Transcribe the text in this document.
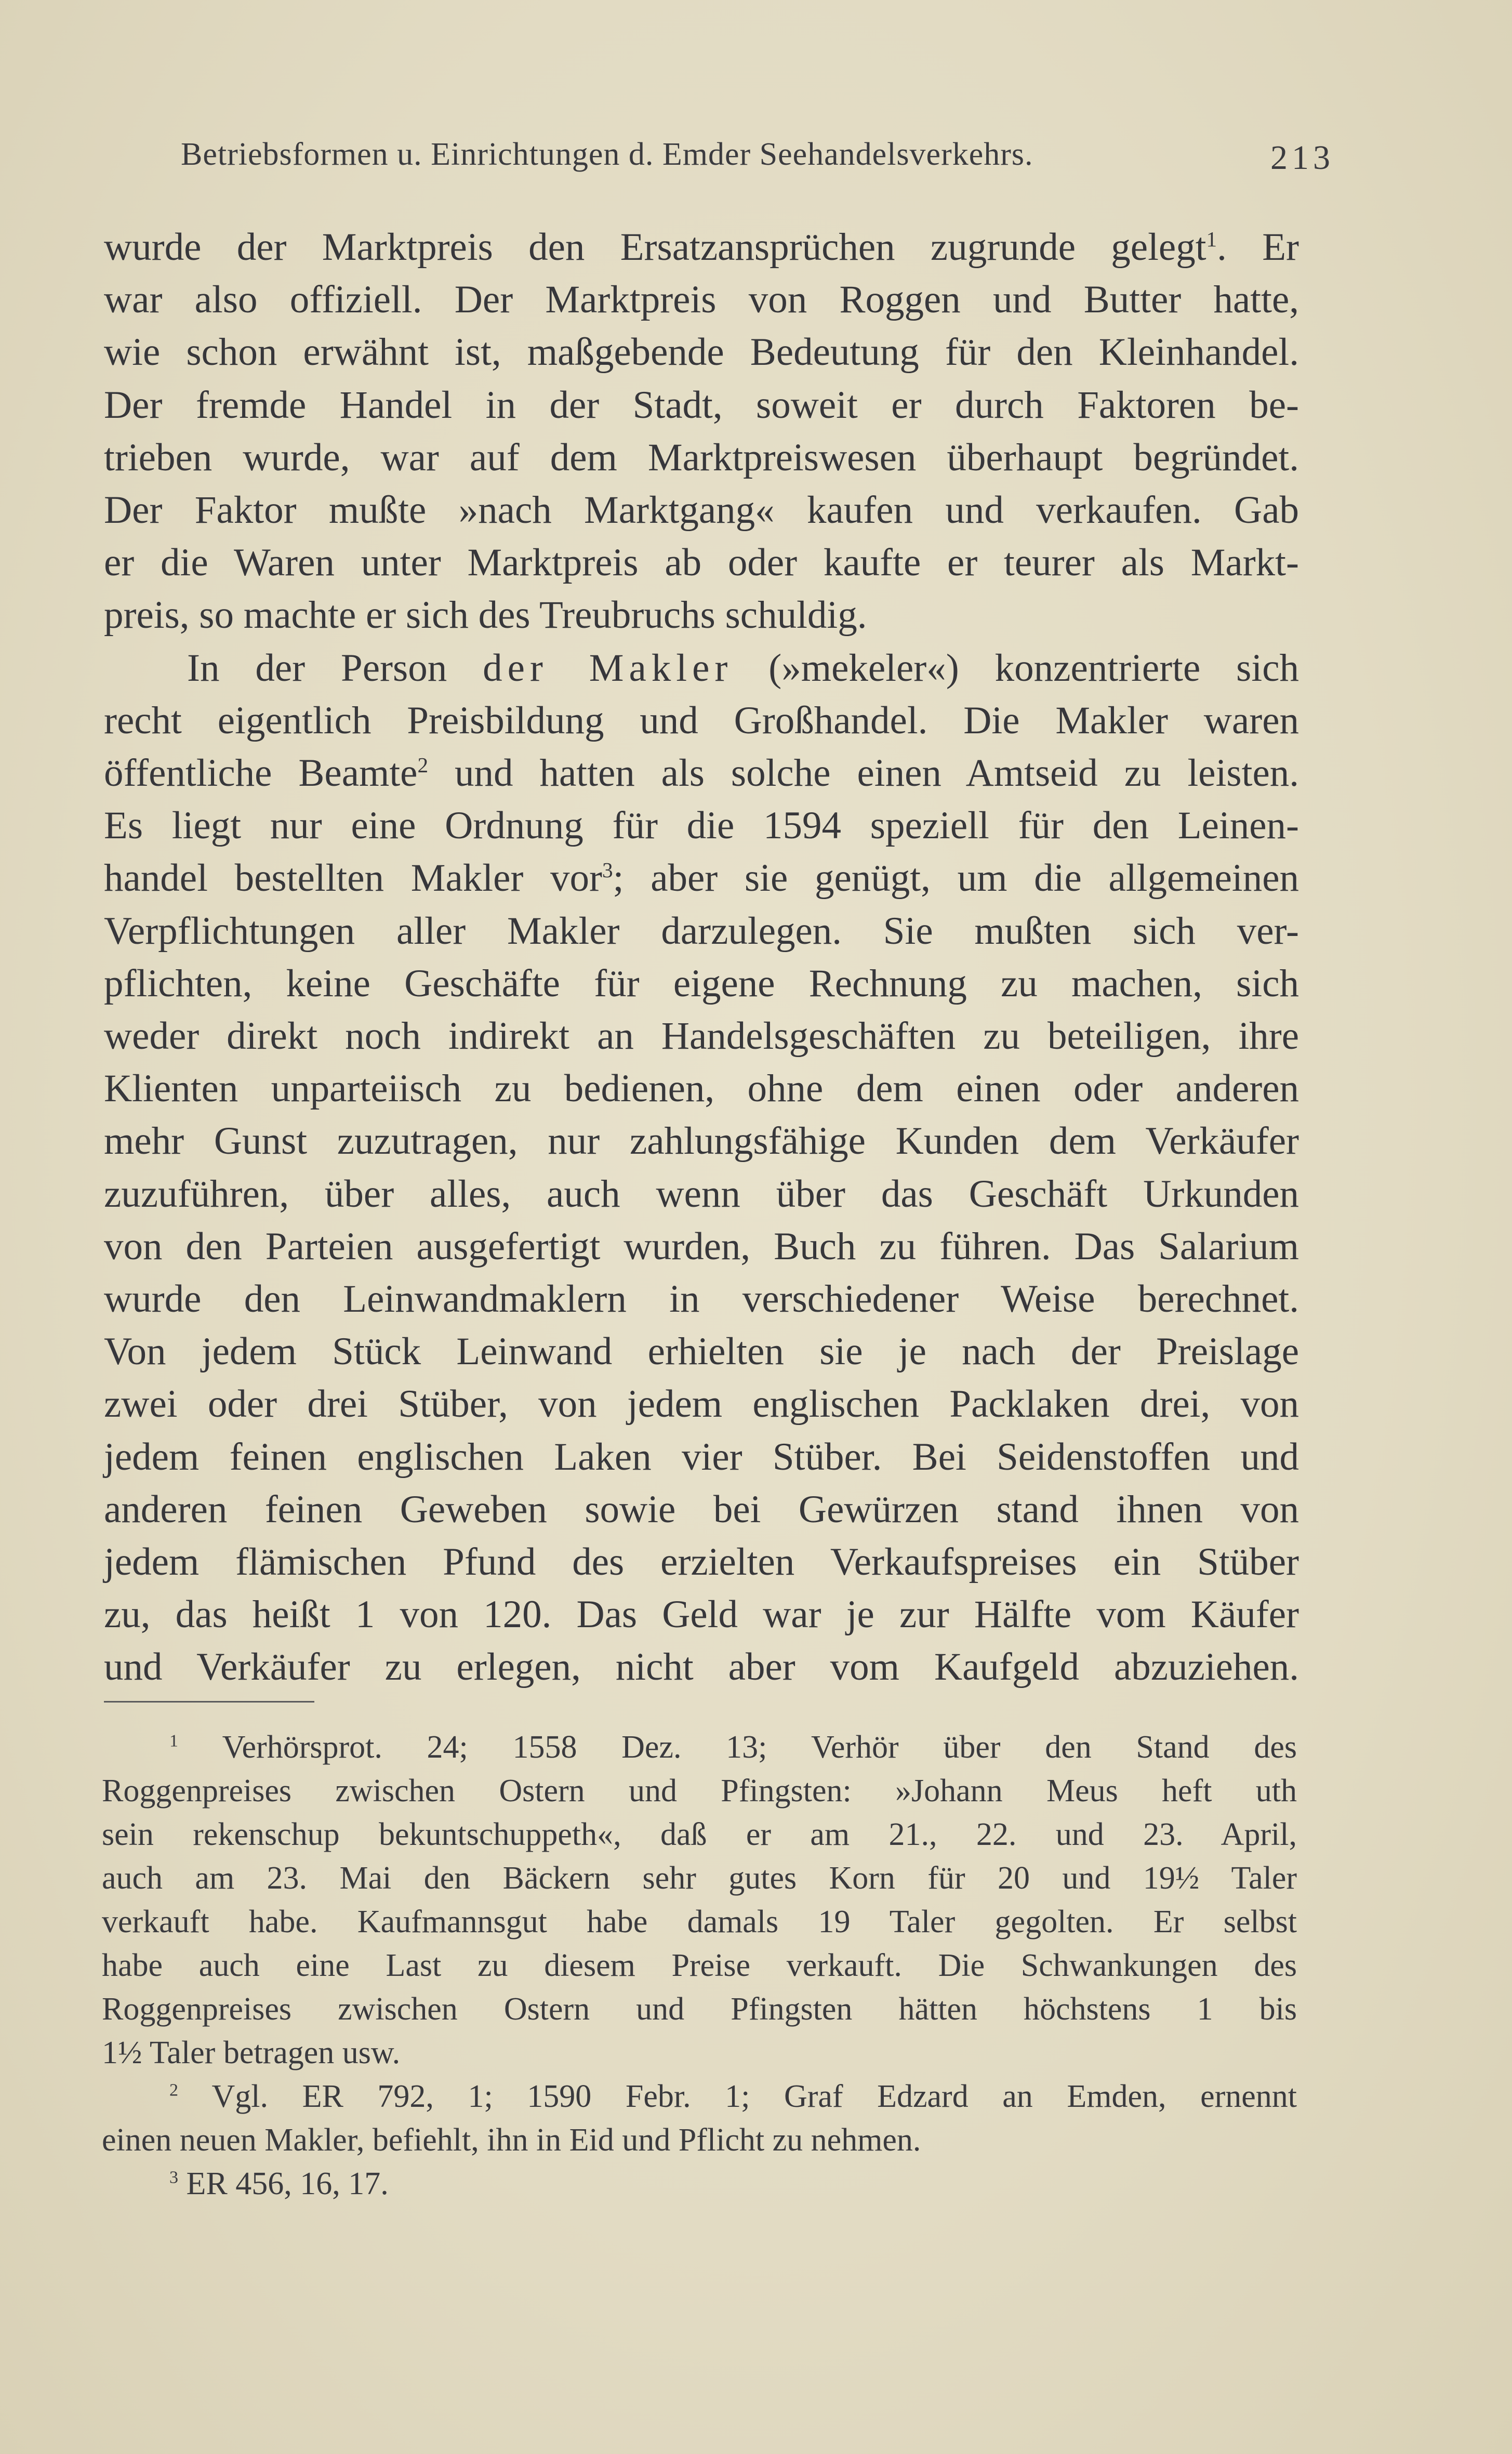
Betriebsformen u. Einrichtungen d. Emder Seehandelsverkehrs.	213

wurde der Marktpreis den Ersatzansprüchen zugrunde gelegt$^1$. Er

war also offiziell. Der Marktpreis von Roggen und Butter hatte,

wie schon erwähnt ist, maßgebende Bedeutung für den Kleinhandel.

Der fremde Handel in der Stadt, soweit er durch Faktoren be-

trieben wurde, war auf dem Marktpreiswesen überhaupt begründet.

Der Faktor mußte »nach Marktgang« kaufen und verkaufen. Gab

er die Waren unter Marktpreis ab oder kaufte er teurer als Markt-

preis, so machte er sich des Treubruchs schuldig.

In der Person der Makler (»mekeler«) konzentrierte sich

recht eigentlich Preisbildung und Großhandel. Die Makler waren

öffentliche Beamte$^2$ und hatten als solche einen Amtseid zu leisten.

Es liegt nur eine Ordnung für die 1594 speziell für den Leinen-

handel bestellten Makler vor$^3$; aber sie genügt, um die allgemeinen

Verpflichtungen aller Makler darzulegen. Sie mußten sich ver-

pflichten, keine Geschäfte für eigene Rechnung zu machen, sich

weder direkt noch indirekt an Handelsgeschäften zu beteiligen, ihre

Klienten unparteiisch zu bedienen, ohne dem einen oder anderen

mehr Gunst zuzutragen, nur zahlungsfähige Kunden dem Verkäufer

zuzuführen, über alles, auch wenn über das Geschäft Urkunden

von den Parteien ausgefertigt wurden, Buch zu führen. Das Salarium

wurde den Leinwandmaklern in verschiedener Weise berechnet.

Von jedem Stück Leinwand erhielten sie je nach der Preislage

zwei oder drei Stüber, von jedem englischen Packlaken drei, von

jedem feinen englischen Laken vier Stüber. Bei Seidenstoffen und

anderen feinen Geweben sowie bei Gewürzen stand ihnen von

jedem flämischen Pfund des erzielten Verkaufspreises ein Stüber

zu, das heißt 1 von 120. Das Geld war je zur Hälfte vom Käufer

und Verkäufer zu erlegen, nicht aber vom Kaufgeld abzuziehen.

$^1$ Verhörsprot. 24; 1558 Dez. 13; Verhör über den Stand des

Roggenpreises zwischen Ostern und Pfingsten: »Johann Meus heft uth

sein rekenschup bekuntschuppeth«, daß er am 21., 22. und 23. April,

auch am 23. Mai den Bäckern sehr gutes Korn für 20 und 19½ Taler

verkauft habe. Kaufmannsgut habe damals 19 Taler gegolten. Er selbst

habe auch eine Last zu diesem Preise verkauft. Die Schwankungen des

Roggenpreises zwischen Ostern und Pfingsten hätten höchstens 1 bis

1½ Taler betragen usw.

$^2$ Vgl. ER 792, 1; 1590 Febr. 1; Graf Edzard an Emden, ernennt

einen neuen Makler, befiehlt, ihn in Eid und Pflicht zu nehmen.

$^3$ ER 456, 16, 17.
